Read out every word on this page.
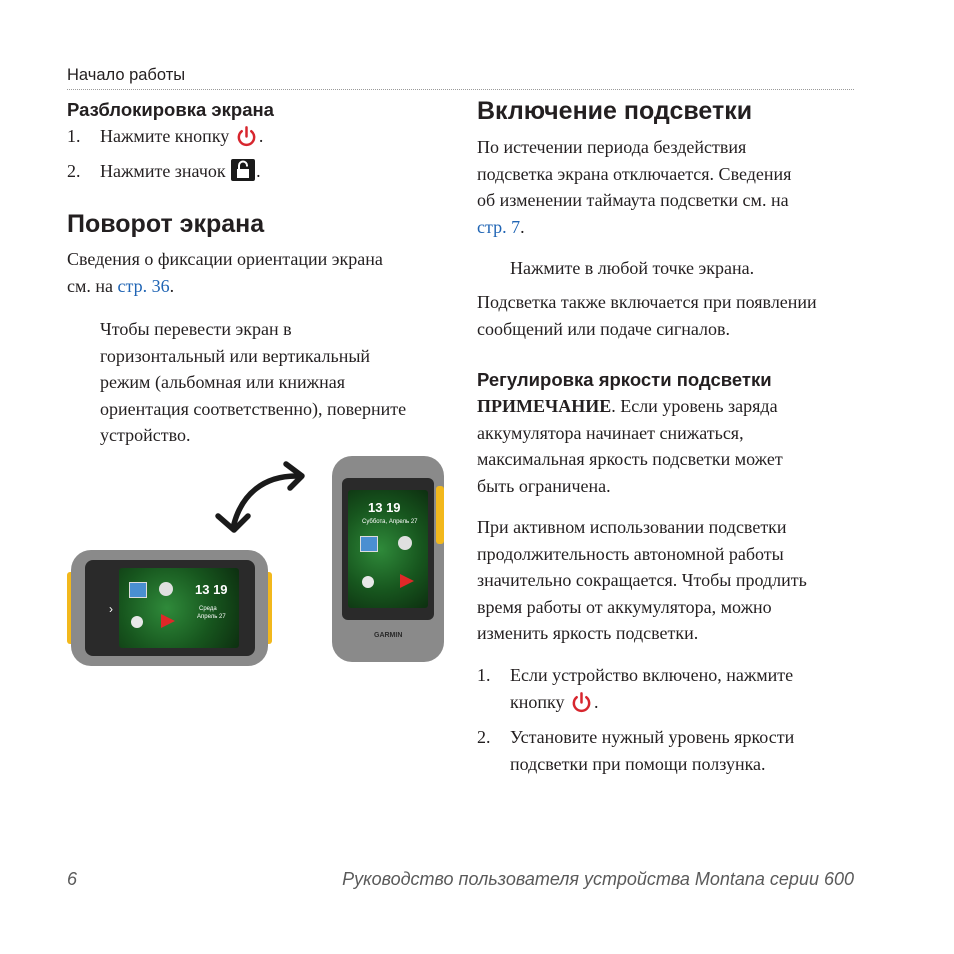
Начало работы
Разблокировка экрана
1. Нажмите кнопку .
2. Нажмите значок .
Поворот экрана
Сведения о фиксации ориентации экрана
см. на стр. 36.
Чтобы перевести экран в
горизонтальный или вертикальный
режим (альбомная или книжная
ориентация соответственно), поверните
устройство.
13 19
Среда
Апрель 27
›
13 19
Суббота, Апрель 27
GARMIN
Включение подсветки
По истечении периода бездействия
подсветка экрана отключается. Сведения
об изменении таймаута подсветки см. на
стр. 7.
Нажмите в любой точке экрана.
Подсветка также включается при появлении
сообщений или подаче сигналов.
Регулировка яркости подсветки
ПРИМЕЧАНИЕ. Если уровень заряда
аккумулятора начинает снижаться,
максимальная яркость подсветки может
быть ограничена.
При активном использовании подсветки
продолжительность автономной работы
значительно сокращается. Чтобы продлить
время работы от аккумулятора, можно
изменить яркость подсветки.
1. Если устройство включено, нажмите
кнопку .
2. Установите нужный уровень яркости
подсветки при помощи ползунка.
6	Руководство пользователя устройства Montana серии 600
